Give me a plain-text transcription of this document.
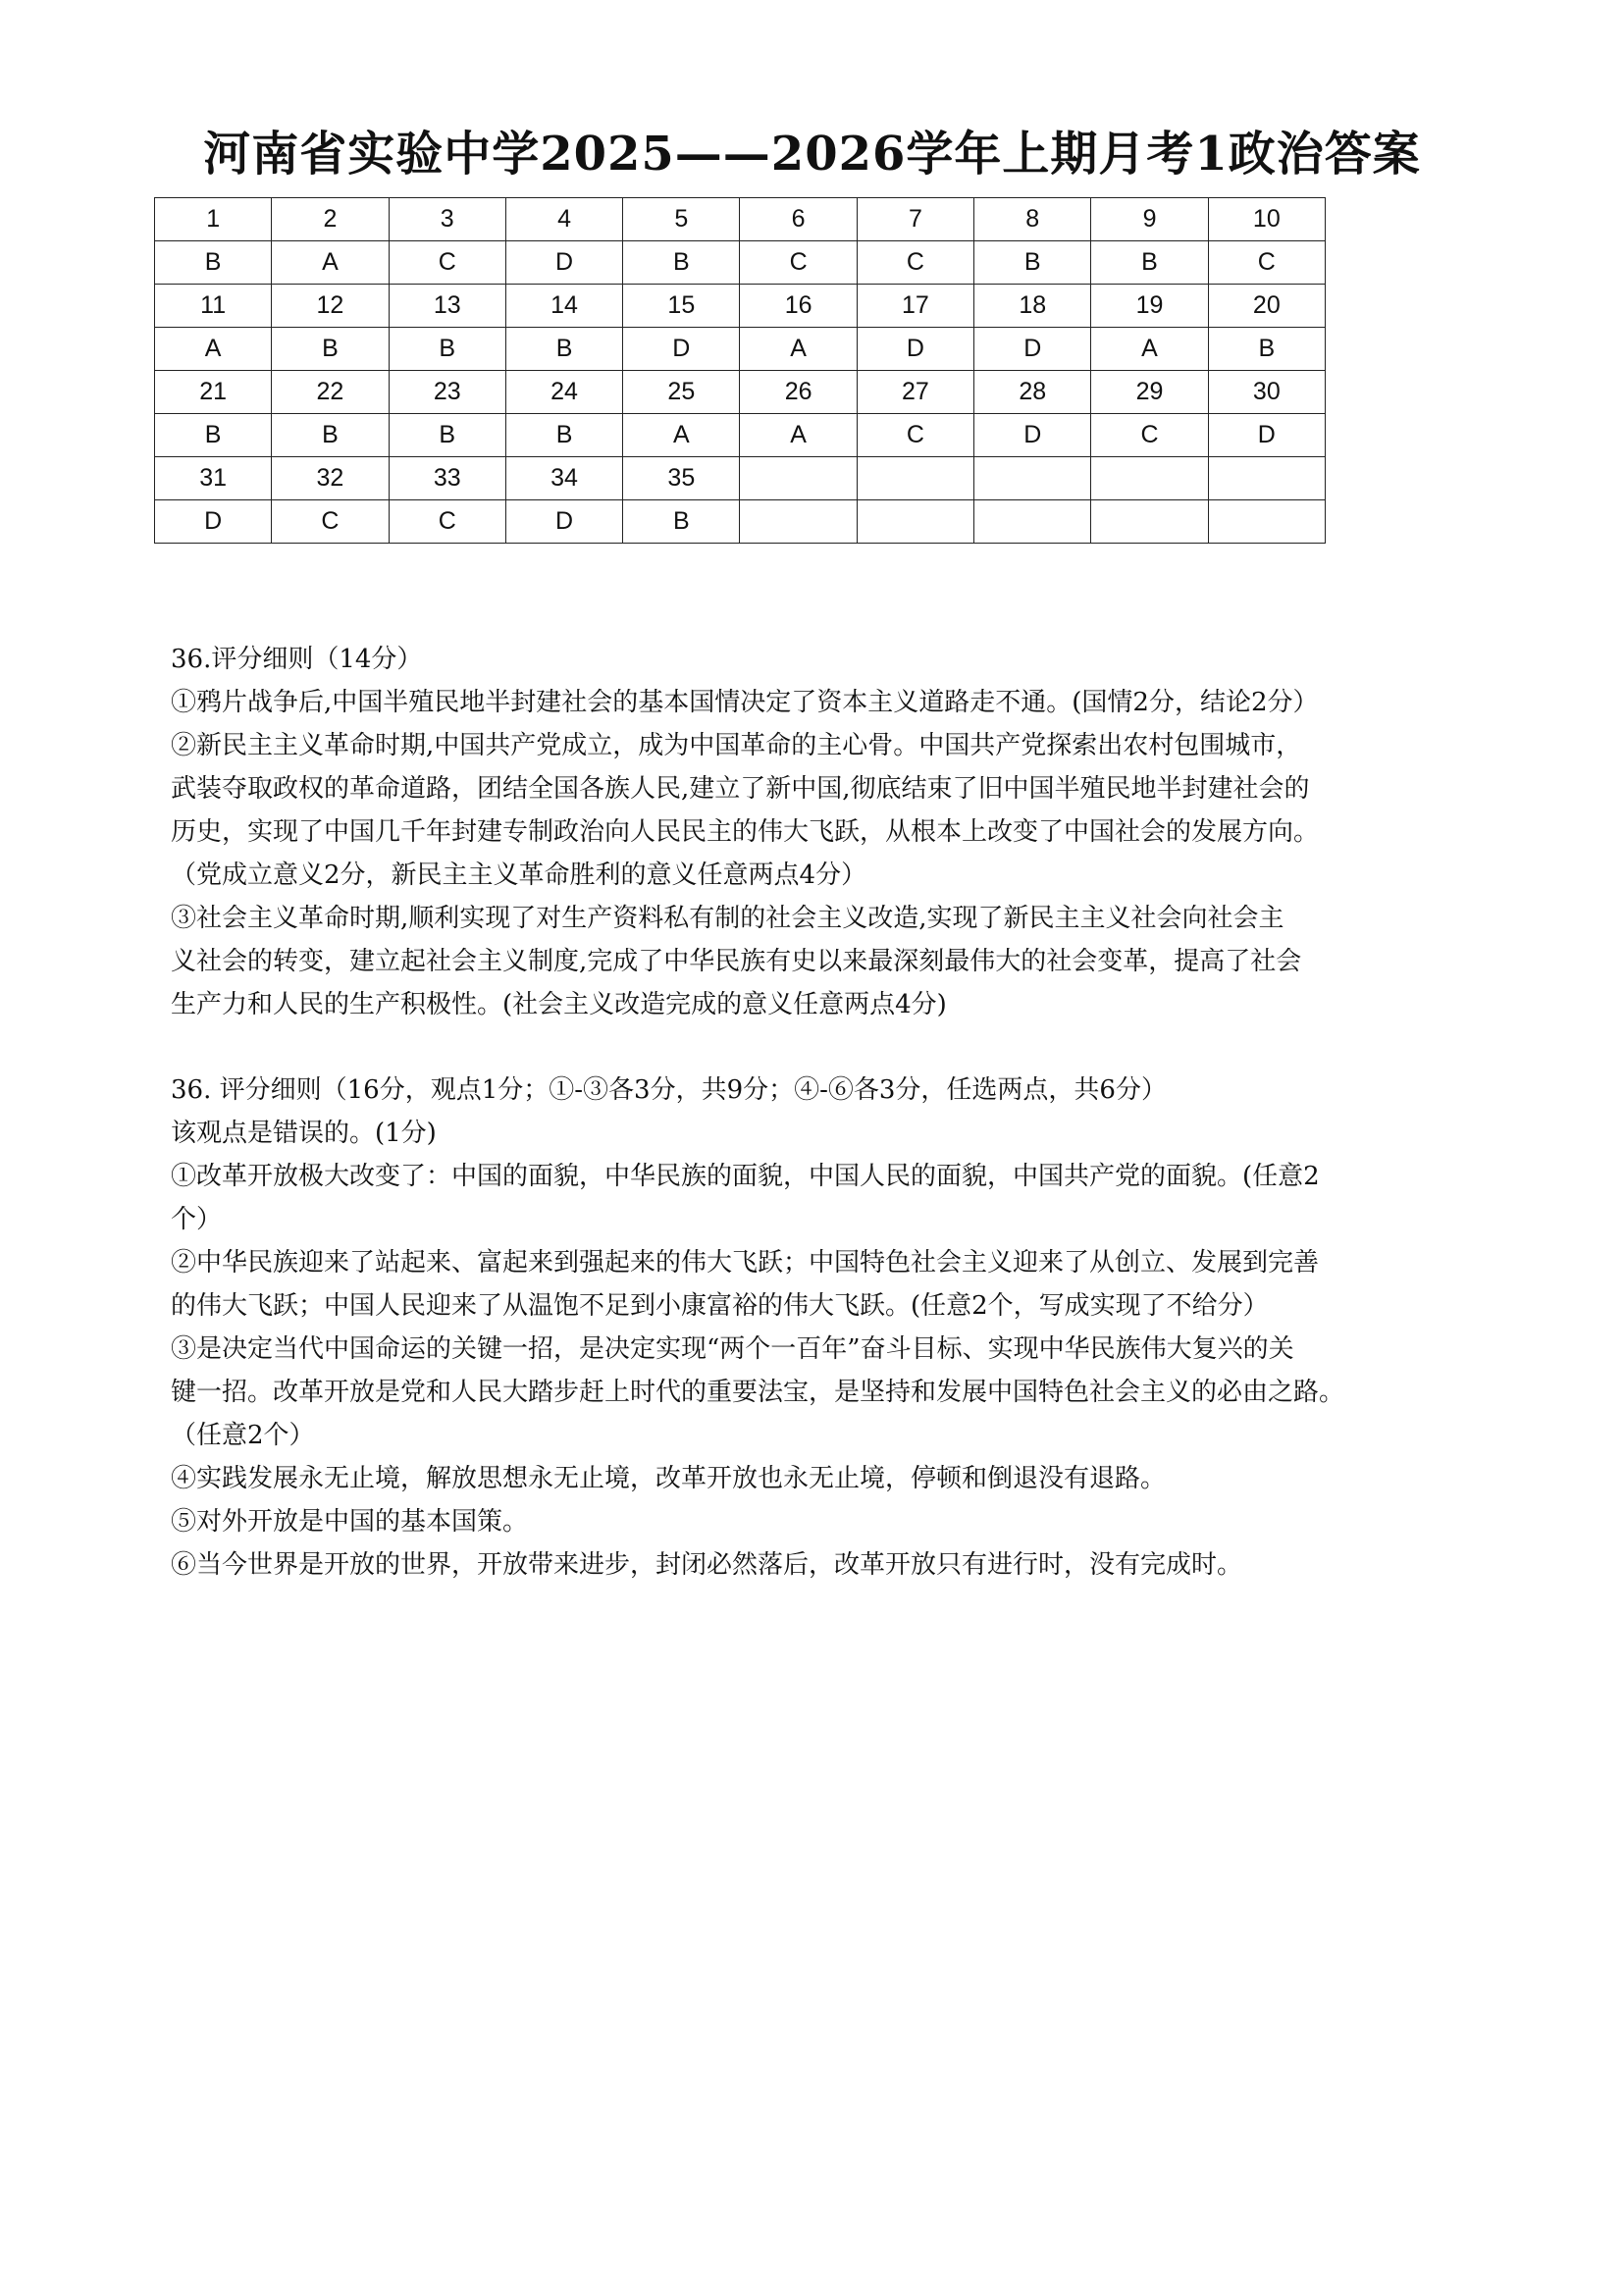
河南省实验中学2025——2026学年上期月考1政治答案
1	2	3	4	5	6	7	8	9	10
B	A	C	D	B	C	C	B	B	C
11	12	13	14	15	16	17	18	19	20
A	B	B	B	D	A	D	D	A	B
21	22	23	24	25	26	27	28	29	30
B	B	B	B	A	A	C	D	C	D
31	32	33	34	35					
D	C	C	D	B					

36.评分细则（14分）

①鸦片战争后,中国半殖民地半封建社会的基本国情决定了资本主义道路走不通。(国情2分，结论2分）

②新民主主义革命时期,中国共产党成立，成为中国革命的主心骨。中国共产党探索出农村包围城市，

武装夺取政权的革命道路，团结全国各族人民,建立了新中国,彻底结束了旧中国半殖民地半封建社会的

历史，实现了中国几千年封建专制政治向人民民主的伟大飞跃，从根本上改变了中国社会的发展方向。

（党成立意义2分，新民主主义革命胜利的意义任意两点4分）

③社会主义革命时期,顺利实现了对生产资料私有制的社会主义改造,实现了新民主主义社会向社会主

义社会的转变，建立起社会主义制度,完成了中华民族有史以来最深刻最伟大的社会变革，提高了社会

生产力和人民的生产积极性。(社会主义改造完成的意义任意两点4分)

36. 评分细则（16分，观点1分；①-③各3分，共9分；④-⑥各3分，任选两点，共6分）

该观点是错误的。(1分)

①改革开放极大改变了：中国的面貌，中华民族的面貌，中国人民的面貌，中国共产党的面貌。(任意2

个）

②中华民族迎来了站起来、富起来到强起来的伟大飞跃；中国特色社会主义迎来了从创立、发展到完善

的伟大飞跃；中国人民迎来了从温饱不足到小康富裕的伟大飞跃。(任意2个，写成实现了不给分）

③是决定当代中国命运的关键一招，是决定实现“两个一百年”奋斗目标、实现中华民族伟大复兴的关

键一招。改革开放是党和人民大踏步赶上时代的重要法宝，是坚持和发展中国特色社会主义的必由之路。

（任意2个）

④实践发展永无止境，解放思想永无止境，改革开放也永无止境，停顿和倒退没有退路。

⑤对外开放是中国的基本国策。

⑥当今世界是开放的世界，开放带来进步，封闭必然落后，改革开放只有进行时，没有完成时。
